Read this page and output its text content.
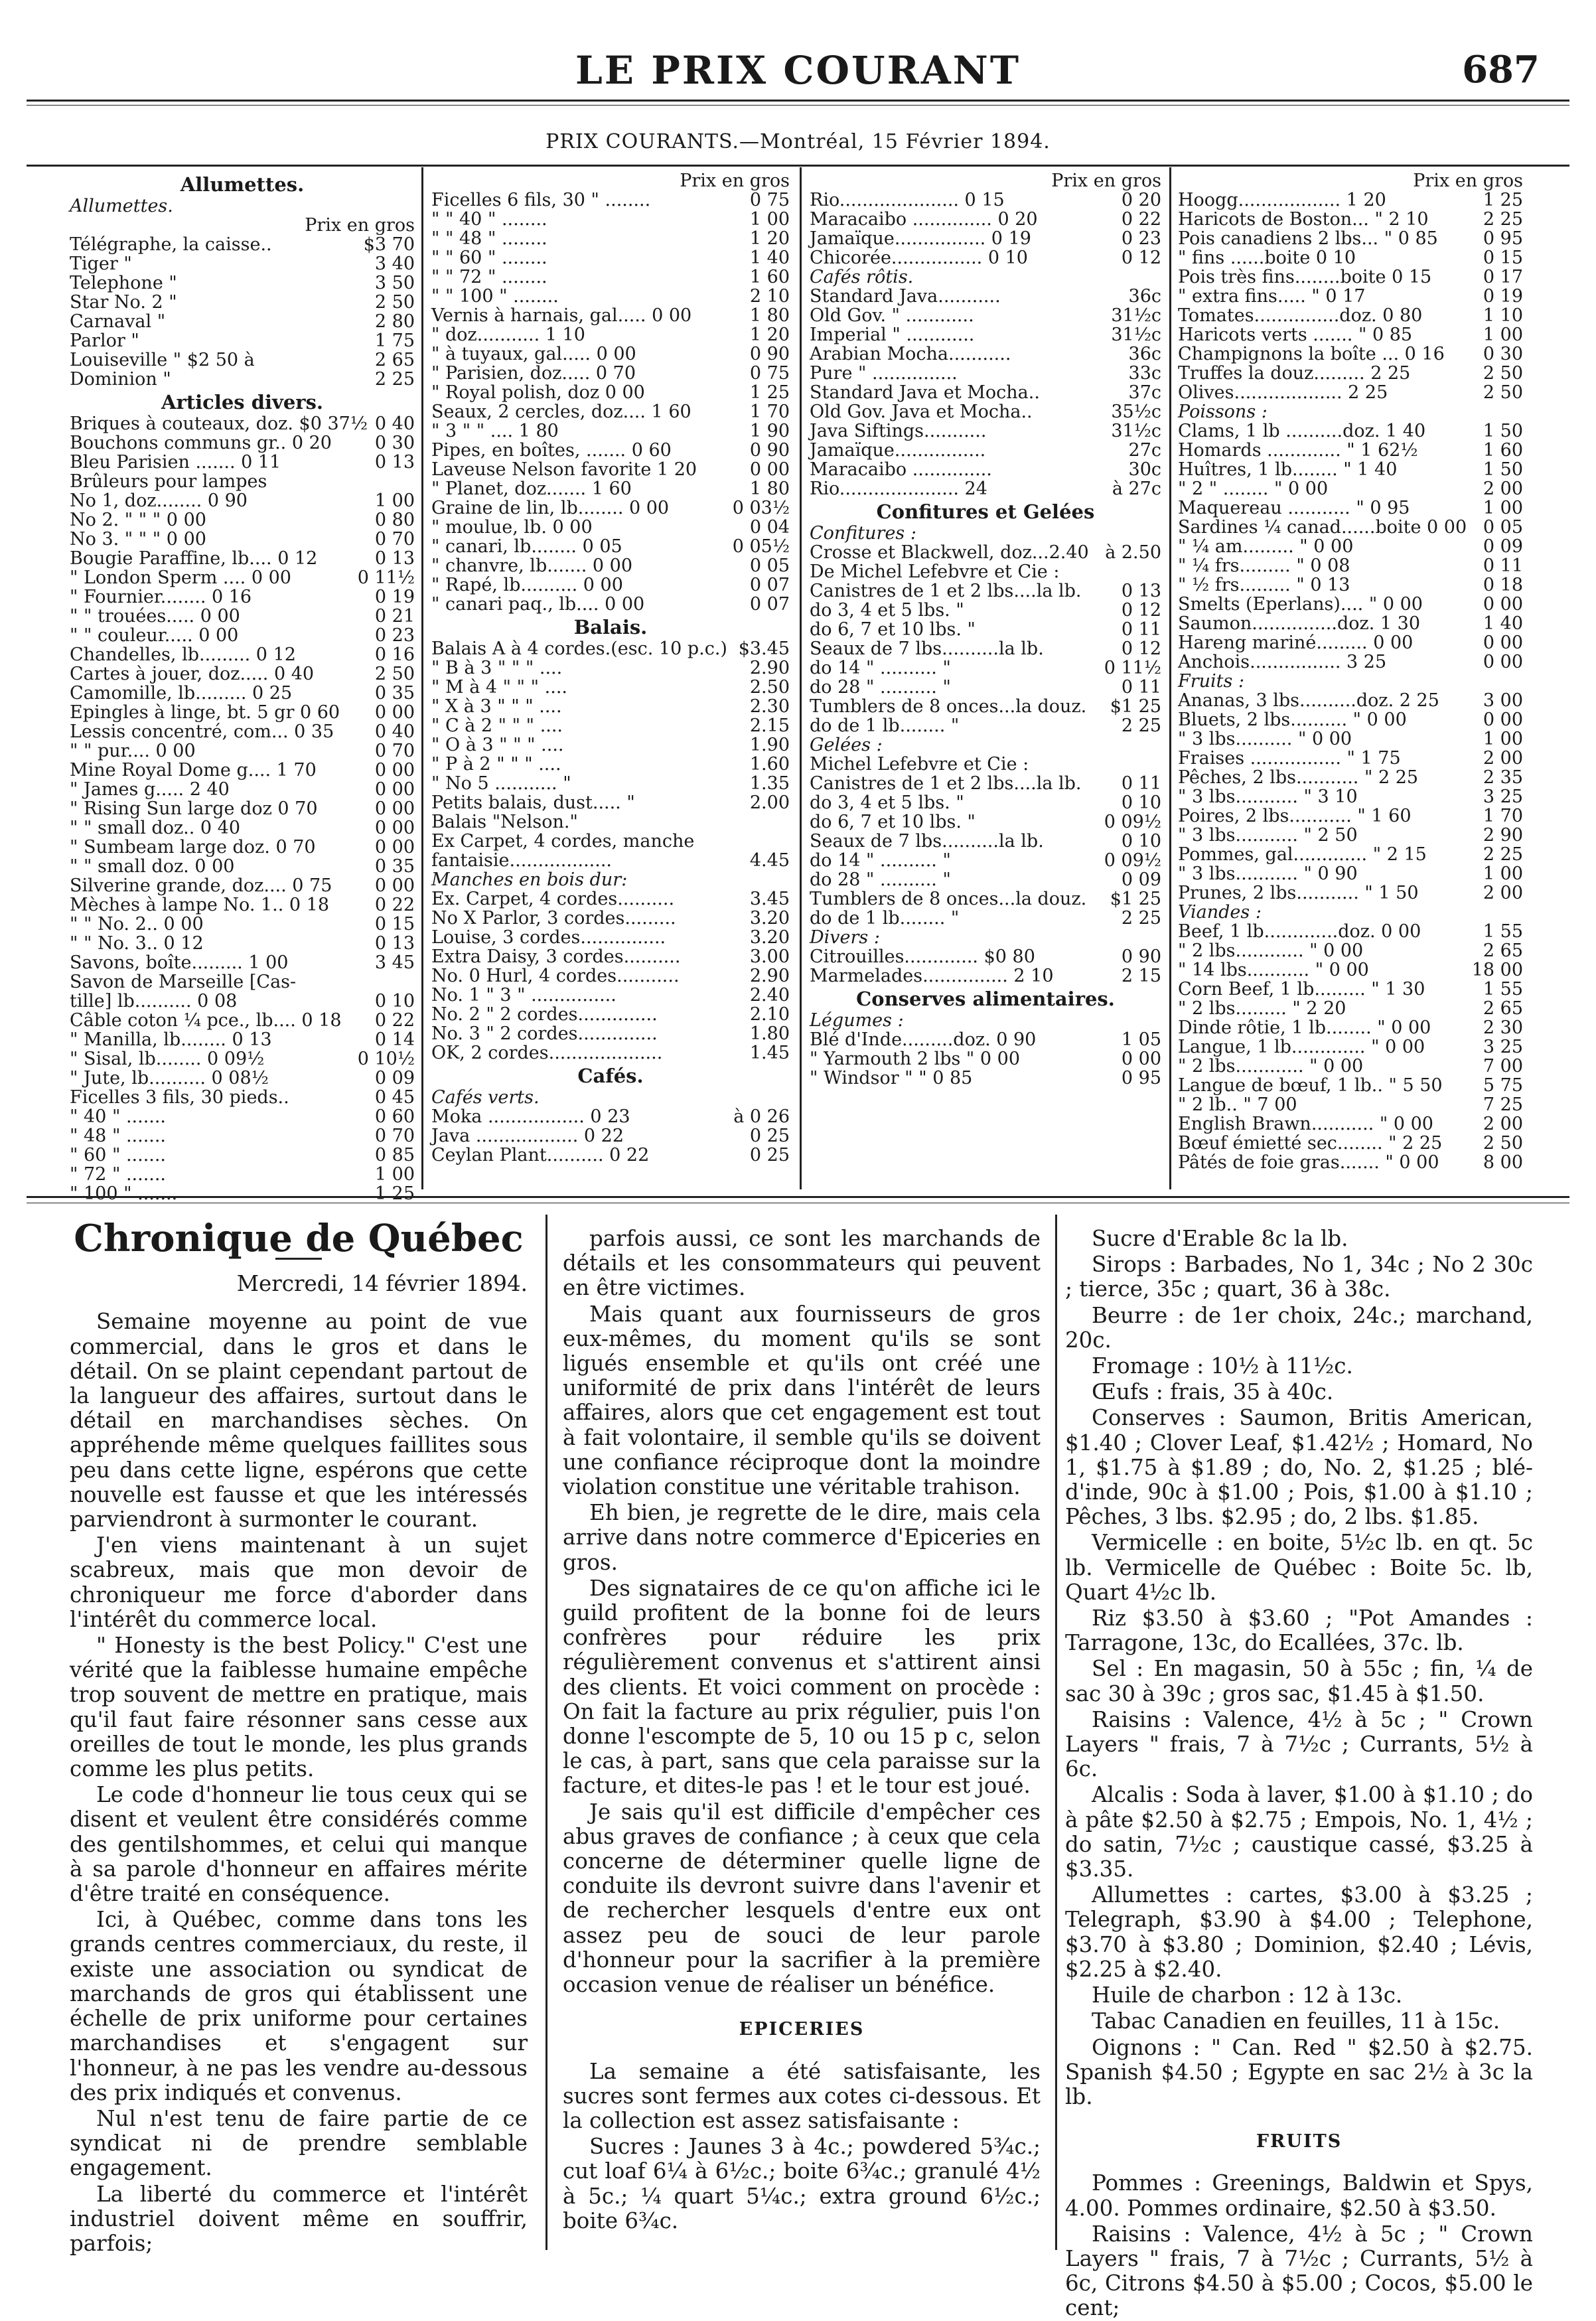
LE PRIX COURANT	687
PRIX COURANTS.—Montréal, 15 Février 1894.
Allumettes.
Allumettes.
Prix en gros
Télégraphe, la caisse..	$3 70
Tiger "	3 40
Telephone "	3 50
Star No. 2 "	2 50
Carnaval "	2 80
Parlor "	1 75
Louiseville " $2 50 à	2 65
Dominion "	2 25
Articles divers.
Briques à couteaux, doz. $0 37½ 0 40
Bouchons communs gr.. 0 20	0 30
Bleu Parisien ....... 0 11	0 13
Brûleurs pour lampes
No 1, doz........ 0 90	1 00
No 2. " " " 0 00	0 80
No 3. " " " 0 00	0 70
Bougie Paraffine, lb.... 0 12	0 13
" London Sperm .... 0 00	0 11½
" Fournier........ 0 16	0 19
" " trouées..... 0 00	0 21
" " couleur..... 0 00	0 23
Chandelles, lb......... 0 12	0 16
Cartes à jouer, doz..... 0 40	2 50
Camomille, lb......... 0 25	0 35
Epingles à linge, bt. 5 gr 0 60	0 00
Lessis concentré, com... 0 35	0 40
" " pur.... 0 00	0 70
Mine Royal Dome g.... 1 70	0 00
" James g..... 2 40	0 00
" Rising Sun large doz 0 70	0 00
" " small doz.. 0 40	0 00
" Sumbeam large doz. 0 70	0 00
" " small doz. 0 00	0 35
Silverine grande, doz.... 0 75	0 00
Mèches à lampe No. 1.. 0 18	0 22
" " No. 2.. 0 00	0 15
" " No. 3.. 0 12	0 13
Savons, boîte......... 1 00	3 45
Savon de Marseille [Cas-
tille] lb.......... 0 08	0 10
Câble coton ¼ pce., lb.... 0 18	0 22
" Manilla, lb........ 0 13	0 14
" Sisal, lb........ 0 09½	0 10½
" Jute, lb.......... 0 08½	0 09
Ficelles 3 fils, 30 pieds..	0 45
" 40 " .......	0 60
" 48 " .......	0 70
" 60 " .......	0 85
" 72 " .......	1 00
" 100 " .......	1 25
Prix en gros
Ficelles 6 fils, 30 " ........	0 75
" " 40 " ........	1 00
" " 48 " ........	1 20
" " 60 " ........	1 40
" " 72 " ........	1 60
" " 100 " ........	2 10
Vernis à harnais, gal..... 0 00	1 80
" doz........... 1 10	1 20
" à tuyaux, gal..... 0 00	0 90
" Parisien, doz..... 0 70	0 75
" Royal polish, doz 0 00	1 25
Seaux, 2 cercles, doz.... 1 60	1 70
" 3 " " .... 1 80	1 90
Pipes, en boîtes, ....... 0 60	0 90
Laveuse Nelson favorite 1 20	0 00
" Planet, doz....... 1 60	1 80
Graine de lin, lb........ 0 00	0 03½
" moulue, lb. 0 00	0 04
" canari, lb........ 0 05	0 05½
" chanvre, lb....... 0 00	0 05
" Rapé, lb.......... 0 00	0 07
" canari paq., lb.... 0 00	0 07
Balais.
Balais A à 4 cordes.(esc. 10 p.c.) $3.45
" B à 3 " " " ....	2.90
" M à 4 " " " ....	2.50
" X à 3 " " " ....	2.30
" C à 2 " " " ....	2.15
" O à 3 " " " ....	1.90
" P à 2 " " " ....	1.60
" No 5 ........... "	1.35
Petits balais, dust..... "	2.00
Balais "Nelson."
Ex Carpet, 4 cordes, manche
fantaisie..................	4.45
Manches en bois dur:
Ex. Carpet, 4 cordes..........	3.45
No X Parlor, 3 cordes.........	3.20
Louise, 3 cordes...............	3.20
Extra Daisy, 3 cordes..........	3.00
No. 0 Hurl, 4 cordes...........	2.90
No. 1 " 3 " ...............	2.40
No. 2 " 2 cordes..............	2.10
No. 3 " 2 cordes..............	1.80
OK, 2 cordes....................	1.45
Cafés.
Cafés verts.
Moka ................. 0 23	à 0 26
Java .................. 0 22	0 25
Ceylan Plant.......... 0 22	0 25
Prix en gros
Rio..................... 0 15	0 20
Maracaibo .............. 0 20	0 22
Jamaïque................ 0 19	0 23
Chicorée................ 0 10	0 12
Cafés rôtis.
Standard Java...........	36c
Old Gov. " ............	31½c
Imperial " ............	31½c
Arabian Mocha...........	36c
Pure " ...............	33c
Standard Java et Mocha..	37c
Old Gov. Java et Mocha..	35½c
Java Siftings...........	31½c
Jamaïque................	27c
Maracaibo ..............	30c
Rio..................... 24	à 27c
Confitures et Gelées
Confitures :
Crosse et Blackwell, doz...2.40 à 2.50
De Michel Lefebvre et Cie :
Canistres de 1 et 2 lbs....la lb.	0 13
do 3, 4 et 5 lbs. "	0 12
do 6, 7 et 10 lbs. "	0 11
Seaux de 7 lbs..........la lb.	0 12
do 14 " .......... "	0 11½
do 28 " .......... "	0 11
Tumblers de 8 onces...la douz.	$1 25
do de 1 lb........ "	2 25
Gelées :
Michel Lefebvre et Cie :
Canistres de 1 et 2 lbs....la lb.	0 11
do 3, 4 et 5 lbs. "	0 10
do 6, 7 et 10 lbs. "	0 09½
Seaux de 7 lbs..........la lb.	0 10
do 14 " .......... "	0 09½
do 28 " .......... "	0 09
Tumblers de 8 onces...la douz.	$1 25
do de 1 lb........ "	2 25
Divers :
Citrouilles............. $0 80	0 90
Marmelades............... 2 10	2 15
Conserves alimentaires.
Légumes :
Blé d'Inde.........doz. 0 90	1 05
" Yarmouth 2 lbs " 0 00	0 00
" Windsor " " 0 85	0 95
Prix en gros
Hoogg.................. 1 20	1 25
Haricots de Boston... " 2 10	2 25
Pois canadiens 2 lbs... " 0 85	0 95
" fins ......boite 0 10	0 15
Pois très fins........boite 0 15	0 17
" extra fins..... " 0 17	0 19
Tomates...............doz. 0 80	1 10
Haricots verts ....... " 0 85	1 00
Champignons la boîte ... 0 16	0 30
Truffes la douz......... 2 25	2 50
Olives................... 2 25	2 50
Poissons :
Clams, 1 lb ..........doz. 1 40	1 50
Homards ............. " 1 62½	1 60
Huîtres, 1 lb........ " 1 40	1 50
" 2 " ........ " 0 00	2 00
Maquereau ........... " 0 95	1 00
Sardines ¼ canad......boite 0 00 0 05
" ¼ am......... " 0 00	0 09
" ¼ frs......... " 0 08	0 11
" ½ frs......... " 0 13	0 18
Smelts (Eperlans).... " 0 00	0 00
Saumon...............doz. 1 30	1 40
Hareng mariné......... 0 00	0 00
Anchois................ 3 25	0 00
Fruits :
Ananas, 3 lbs..........doz. 2 25	3 00
Bluets, 2 lbs.......... " 0 00	0 00
" 3 lbs.......... " 0 00	1 00
Fraises ................ " 1 75	2 00
Pêches, 2 lbs........... " 2 25	2 35
" 3 lbs........... " 3 10	3 25
Poires, 2 lbs........... " 1 60	1 70
" 3 lbs........... " 2 50	2 90
Pommes, gal............. " 2 15	2 25
" 3 lbs........... " 0 90	1 00
Prunes, 2 lbs........... " 1 50	2 00
Viandes :
Beef, 1 lb.............doz. 0 00	1 55
" 2 lbs............ " 0 00	2 65
" 14 lbs........... " 0 00	18 00
Corn Beef, 1 lb......... " 1 30	1 55
" 2 lbs......... " 2 20	2 65
Dinde rôtie, 1 lb........ " 0 00	2 30
Langue, 1 lb............. " 0 00	3 25
" 2 lbs............ " 0 00	7 00
Langue de bœuf, 1 lb.. " 5 50	5 75
" 2 lb.. " 7 00	7 25
English Brawn........... " 0 00	2 00
Bœuf émietté sec........ " 2 25	2 50
Pâtés de foie gras....... " 0 00	8 00
Chronique de Québec
Mercredi, 14 février 1894.

Semaine moyenne au point de vue commercial, dans le gros et dans le détail. On se plaint cependant partout de la langueur des affaires, surtout dans le détail en marchandises sèches. On appréhende même quelques faillites sous peu dans cette ligne, espérons que cette nouvelle est fausse et que les intéressés parviendront à surmonter le courant.

J'en viens maintenant à un sujet scabreux, mais que mon devoir de chroniqueur me force d'aborder dans l'intérêt du commerce local.

" Honesty is the best Policy." C'est une vérité que la faiblesse humaine empêche trop souvent de mettre en pratique, mais qu'il faut faire résonner sans cesse aux oreilles de tout le monde, les plus grands comme les plus petits.

Le code d'honneur lie tous ceux qui se disent et veulent être considérés comme des gentilshommes, et celui qui manque à sa parole d'honneur en affaires mérite d'être traité en conséquence.

Ici, à Québec, comme dans tons les grands centres commerciaux, du reste, il existe une association ou syndicat de marchands de gros qui établissent une échelle de prix uniforme pour certaines marchandises et s'engagent sur l'honneur, à ne pas les vendre au-dessous des prix indiqués et convenus.

Nul n'est tenu de faire partie de ce syndicat ni de prendre semblable engagement.

La liberté du commerce et l'intérêt industriel doivent même en souffrir, parfois;

parfois aussi, ce sont les marchands de détails et les consommateurs qui peuvent en être victimes.

Mais quant aux fournisseurs de gros eux-mêmes, du moment qu'ils se sont ligués ensemble et qu'ils ont créé une uniformité de prix dans l'intérêt de leurs affaires, alors que cet engagement est tout à fait volontaire, il semble qu'ils se doivent une confiance réciproque dont la moindre violation constitue une véritable trahison.

Eh bien, je regrette de le dire, mais cela arrive dans notre commerce d'Epiceries en gros.

Des signataires de ce qu'on affiche ici le guild profitent de la bonne foi de leurs confrères pour réduire les prix régulièrement convenus et s'attirent ainsi des clients. Et voici comment on procède : On fait la facture au prix régulier, puis l'on donne l'escompte de 5, 10 ou 15 p c, selon le cas, à part, sans que cela paraisse sur la facture, et dites-le pas ! et le tour est joué.

Je sais qu'il est difficile d'empêcher ces abus graves de confiance ; à ceux que cela concerne de déterminer quelle ligne de conduite ils devront suivre dans l'avenir et de rechercher lesquels d'entre eux ont assez peu de souci de leur parole d'honneur pour la sacrifier à la première occasion venue de réaliser un bénéfice.

EPICERIES

La semaine a été satisfaisante, les sucres sont fermes aux cotes ci-dessous. Et la collection est assez satisfaisante :

Sucres : Jaunes 3 à 4c.; powdered 5¾c.; cut loaf 6¼ à 6½c.; boite 6¾c.; granulé 4½ à 5c.; ¼ quart 5¼c.; extra ground 6½c.; boite 6¾c.

Sucre d'Erable 8c la lb.

Sirops : Barbades, No 1, 34c ; No 2 30c ; tierce, 35c ; quart, 36 à 38c.

Beurre : de 1er choix, 24c.; marchand, 20c.

Fromage : 10½ à 11½c.

Œufs : frais, 35 à 40c.

Conserves : Saumon, Britis American, $1.40 ; Clover Leaf, $1.42½ ; Homard, No 1, $1.75 à $1.89 ; do, No. 2, $1.25 ; blé-d'inde, 90c à $1.00 ; Pois, $1.00 à $1.10 ; Pêches, 3 lbs. $2.95 ; do, 2 lbs. $1.85.

Vermicelle : en boite, 5½c lb. en qt. 5c lb. Vermicelle de Québec : Boite 5c. lb, Quart 4½c lb.

Riz $3.50 à $3.60 ; "Pot Amandes : Tarragone, 13c, do Ecallées, 37c. lb.

Sel : En magasin, 50 à 55c ; fin, ¼ de sac 30 à 39c ; gros sac, $1.45 à $1.50.

Raisins : Valence, 4½ à 5c ; " Crown Layers " frais, 7 à 7½c ; Currants, 5½ à 6c.

Alcalis : Soda à laver, $1.00 à $1.10 ; do à pâte $2.50 à $2.75 ; Empois, No. 1, 4½ ; do satin, 7½c ; caustique cassé, $3.25 à $3.35.

Allumettes : cartes, $3.00 à $3.25 ; Telegraph, $3.90 à $4.00 ; Telephone, $3.70 à $3.80 ; Dominion, $2.40 ; Lévis, $2.25 à $2.40.

Huile de charbon : 12 à 13c.

Tabac Canadien en feuilles, 11 à 15c.

Oignons : " Can. Red " $2.50 à $2.75. Spanish $4.50 ; Egypte en sac 2½ à 3c la lb.

FRUITS

Pommes : Greenings, Baldwin et Spys, 4.00. Pommes ordinaire, $2.50 à $3.50.

Raisins : Valence, 4½ à 5c ; " Crown Layers " frais, 7 à 7½c ; Currants, 5½ à 6c, Citrons $4.50 à $5.00 ; Cocos, $5.00 le cent;
